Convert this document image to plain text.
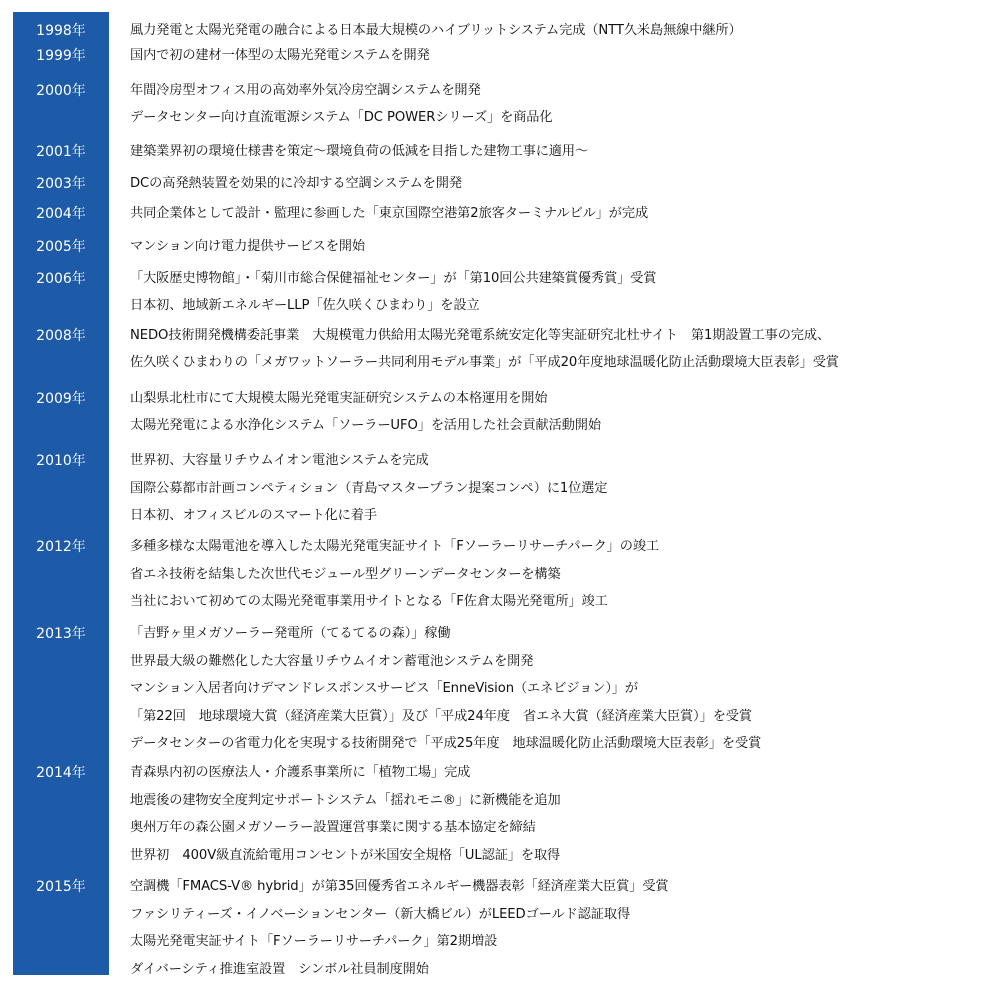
1998年	風力発電と太陽光発電の融合による日本最大規模のハイブリットシステム完成（NTT久米島無線中継所）
1999年	国内で初の建材一体型の太陽光発電システムを開発
2000年	年間冷房型オフィス用の高効率外気冷房空調システムを開発
データセンター向け直流電源システム「DC POWERシリーズ」を商品化
2001年	建築業界初の環境仕様書を策定～環境負荷の低減を目指した建物工事に適用～
2003年	DCの高発熱装置を効果的に冷却する空調システムを開発
2004年	共同企業体として設計・監理に参画した「東京国際空港第2旅客ターミナルビル」が完成
2005年	マンション向け電力提供サービスを開始
2006年	「大阪歴史博物館」・「菊川市総合保健福祉センター」が「第10回公共建築賞優秀賞」受賞
日本初、地域新エネルギーLLP「佐久咲くひまわり」を設立
2008年	NEDO技術開発機構委託事業　大規模電力供給用太陽光発電系統安定化等実証研究北杜サイト　第1期設置工事の完成、
佐久咲くひまわりの「メガワットソーラー共同利用モデル事業」が「平成20年度地球温暖化防止活動環境大臣表彰」受賞
2009年	山梨県北杜市にて大規模太陽光発電実証研究システムの本格運用を開始
太陽光発電による水浄化システム「ソーラーUFO」を活用した社会貢献活動開始
2010年	世界初、大容量リチウムイオン電池システムを完成
国際公募都市計画コンペティション（青島マスタープラン提案コンペ）に1位選定
日本初、オフィスビルのスマート化に着手
2012年	多種多様な太陽電池を導入した太陽光発電実証サイト「Fソーラーリサーチパーク」の竣工
省エネ技術を結集した次世代モジュール型グリーンデータセンターを構築
当社において初めての太陽光発電事業用サイトとなる「F佐倉太陽光発電所」竣工
2013年	「吉野ヶ里メガソーラー発電所（てるてるの森）」稼働
世界最大級の難燃化した大容量リチウムイオン蓄電池システムを開発
マンション入居者向けデマンドレスポンスサービス「EnneVision（エネビジョン）」が
「第22回　地球環境大賞（経済産業大臣賞）」及び「平成24年度　省エネ大賞（経済産業大臣賞）」を受賞
データセンターの省電力化を実現する技術開発で「平成25年度　地球温暖化防止活動環境大臣表彰」を受賞
2014年	青森県内初の医療法人・介護系事業所に「植物工場」完成
地震後の建物安全度判定サポートシステム「揺れモニ®」に新機能を追加
奥州万年の森公園メガソーラー設置運営事業に関する基本協定を締結
世界初　400V級直流給電用コンセントが米国安全規格「UL認証」を取得
2015年	空調機「FMACS-V® hybrid」が第35回優秀省エネルギー機器表彰「経済産業大臣賞」受賞
ファシリティーズ・イノベーションセンター（新大橋ビル）がLEEDゴールド認証取得
太陽光発電実証サイト「Fソーラーリサーチパーク」第2期増設
ダイバーシティ推進室設置　シンボル社員制度開始
